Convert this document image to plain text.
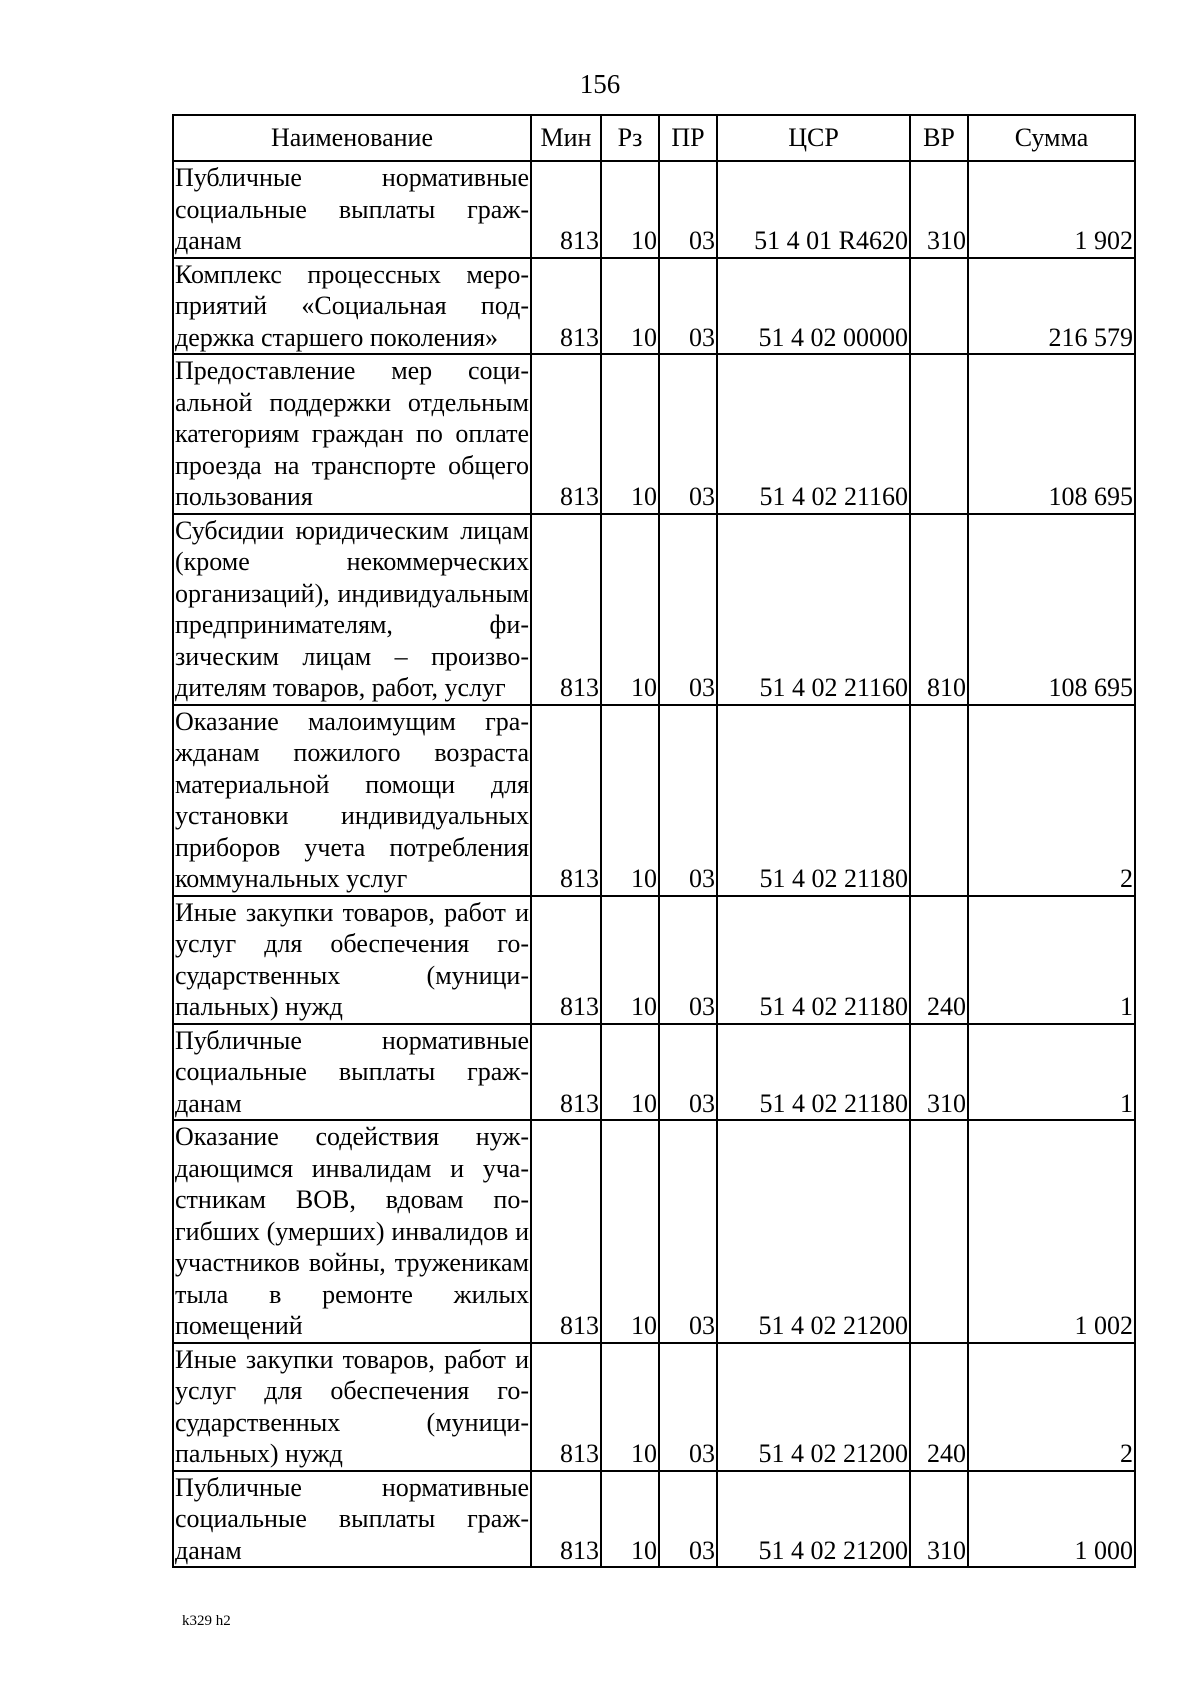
156
Наименование	Мин	Рз	ПР	ЦСР	ВР	Сумма
Публичные нормативные социальные выплаты гражданам	813	10	03	51 4 01 R4620	310	1 902
Комплекс процессных мероприятий «Социальная поддержка старшего поколения»	813	10	03	51 4 02 00000		216 579
Предоставление мер социальной поддержки отдельным категориям граждан по оплате проезда на транспорте общего пользования	813	10	03	51 4 02 21160		108 695
Субсидии юридическим лицам (кроме некоммерческих организаций), индивидуальным предпринимателям, физическим лицам – производителям товаров, работ, услуг	813	10	03	51 4 02 21160	810	108 695
Оказание малоимущим гражданам пожилого возраста материальной помощи для установки индивидуальных приборов учета потребления коммунальных услуг	813	10	03	51 4 02 21180		2
Иные закупки товаров, работ и услуг для обеспечения государственных (муниципальных) нужд	813	10	03	51 4 02 21180	240	1
Публичные нормативные социальные выплаты гражданам	813	10	03	51 4 02 21180	310	1
Оказание содействия нуждающимся инвалидам и участникам ВОВ, вдовам погибших (умерших) инвалидов и участников войны, труженикам тыла в ремонте жилых помещений	813	10	03	51 4 02 21200		1 002
Иные закупки товаров, работ и услуг для обеспечения государственных (муниципальных) нужд	813	10	03	51 4 02 21200	240	2
Публичные нормативные социальные выплаты гражданам	813	10	03	51 4 02 21200	310	1 000
k329 h2
